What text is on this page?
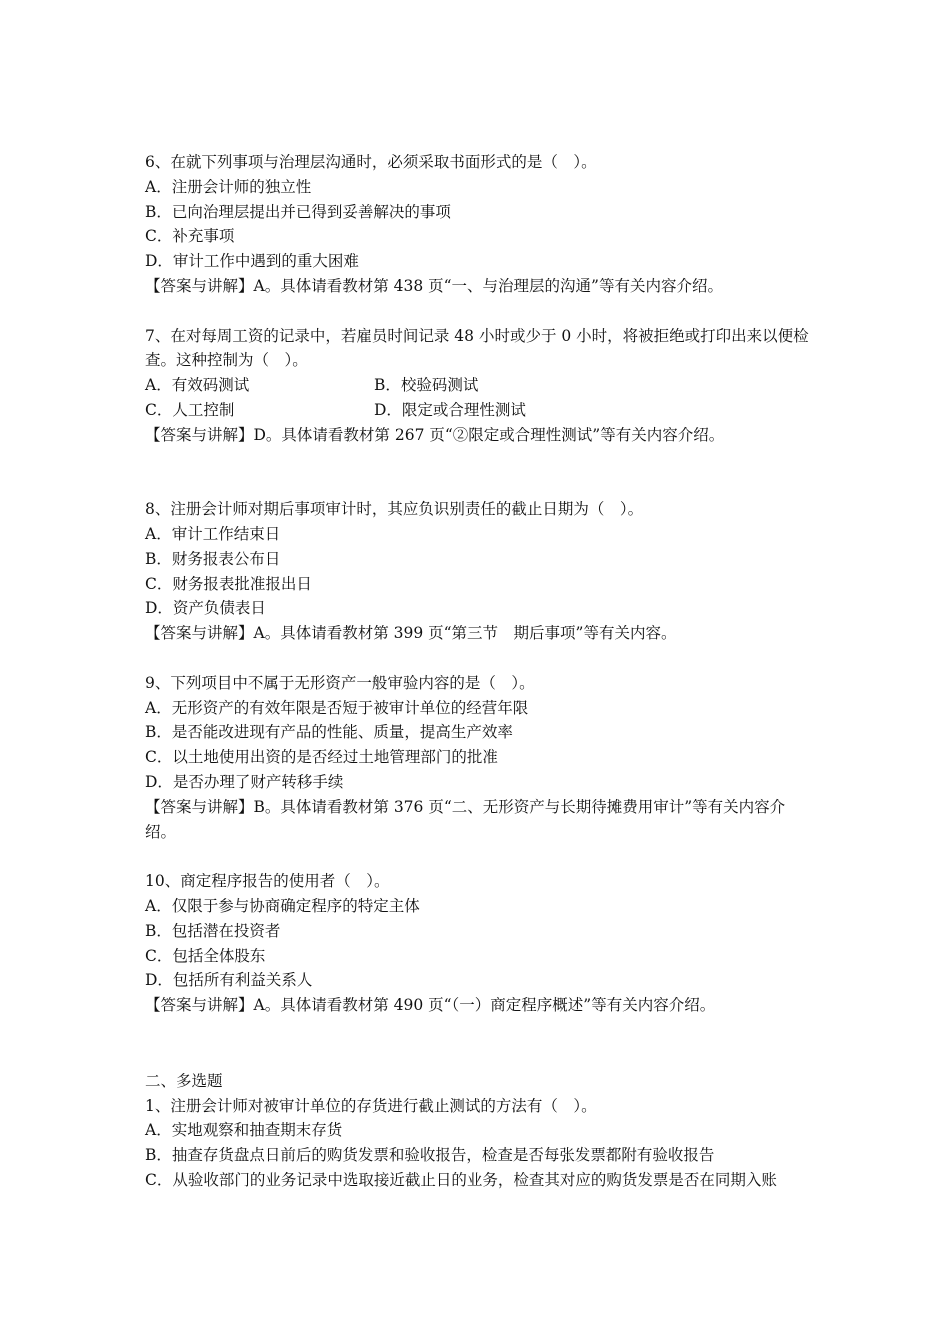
6、在就下列事项与治理层沟通时，必须采取书面形式的是（　）。
A．注册会计师的独立性
B．已向治理层提出并已得到妥善解决的事项
C．补充事项
D．审计工作中遇到的重大困难
【答案与讲解】A。具体请看教材第 438 页“一、与治理层的沟通”等有关内容介绍。
7、在对每周工资的记录中，若雇员时间记录 48 小时或少于 0 小时，将被拒绝或打印出来以便检查。这种控制为（　）。
A．有效码测试	B．校验码测试
C．人工控制	D．限定或合理性测试
【答案与讲解】D。具体请看教材第 267 页“②限定或合理性测试”等有关内容介绍。
8、注册会计师对期后事项审计时，其应负识别责任的截止日期为（　）。
A．审计工作结束日
B．财务报表公布日
C．财务报表批准报出日
D．资产负债表日
【答案与讲解】A。具体请看教材第 399 页“第三节　期后事项”等有关内容。
9、下列项目中不属于无形资产一般审验内容的是（　）。
A．无形资产的有效年限是否短于被审计单位的经营年限
B．是否能改进现有产品的性能、质量，提高生产效率
C．以土地使用出资的是否经过土地管理部门的批准
D．是否办理了财产转移手续
【答案与讲解】B。具体请看教材第 376 页“二、无形资产与长期待摊费用审计”等有关内容介绍。
10、商定程序报告的使用者（　）。
A．仅限于参与协商确定程序的特定主体
B．包括潜在投资者
C．包括全体股东
D．包括所有利益关系人
【答案与讲解】A。具体请看教材第 490 页“（一）商定程序概述”等有关内容介绍。
二、多选题
1、注册会计师对被审计单位的存货进行截止测试的方法有（　）。
A．实地观察和抽查期末存货
B．抽查存货盘点日前后的购货发票和验收报告，检查是否每张发票都附有验收报告
C．从验收部门的业务记录中选取接近截止日的业务，检查其对应的购货发票是否在同期入账
